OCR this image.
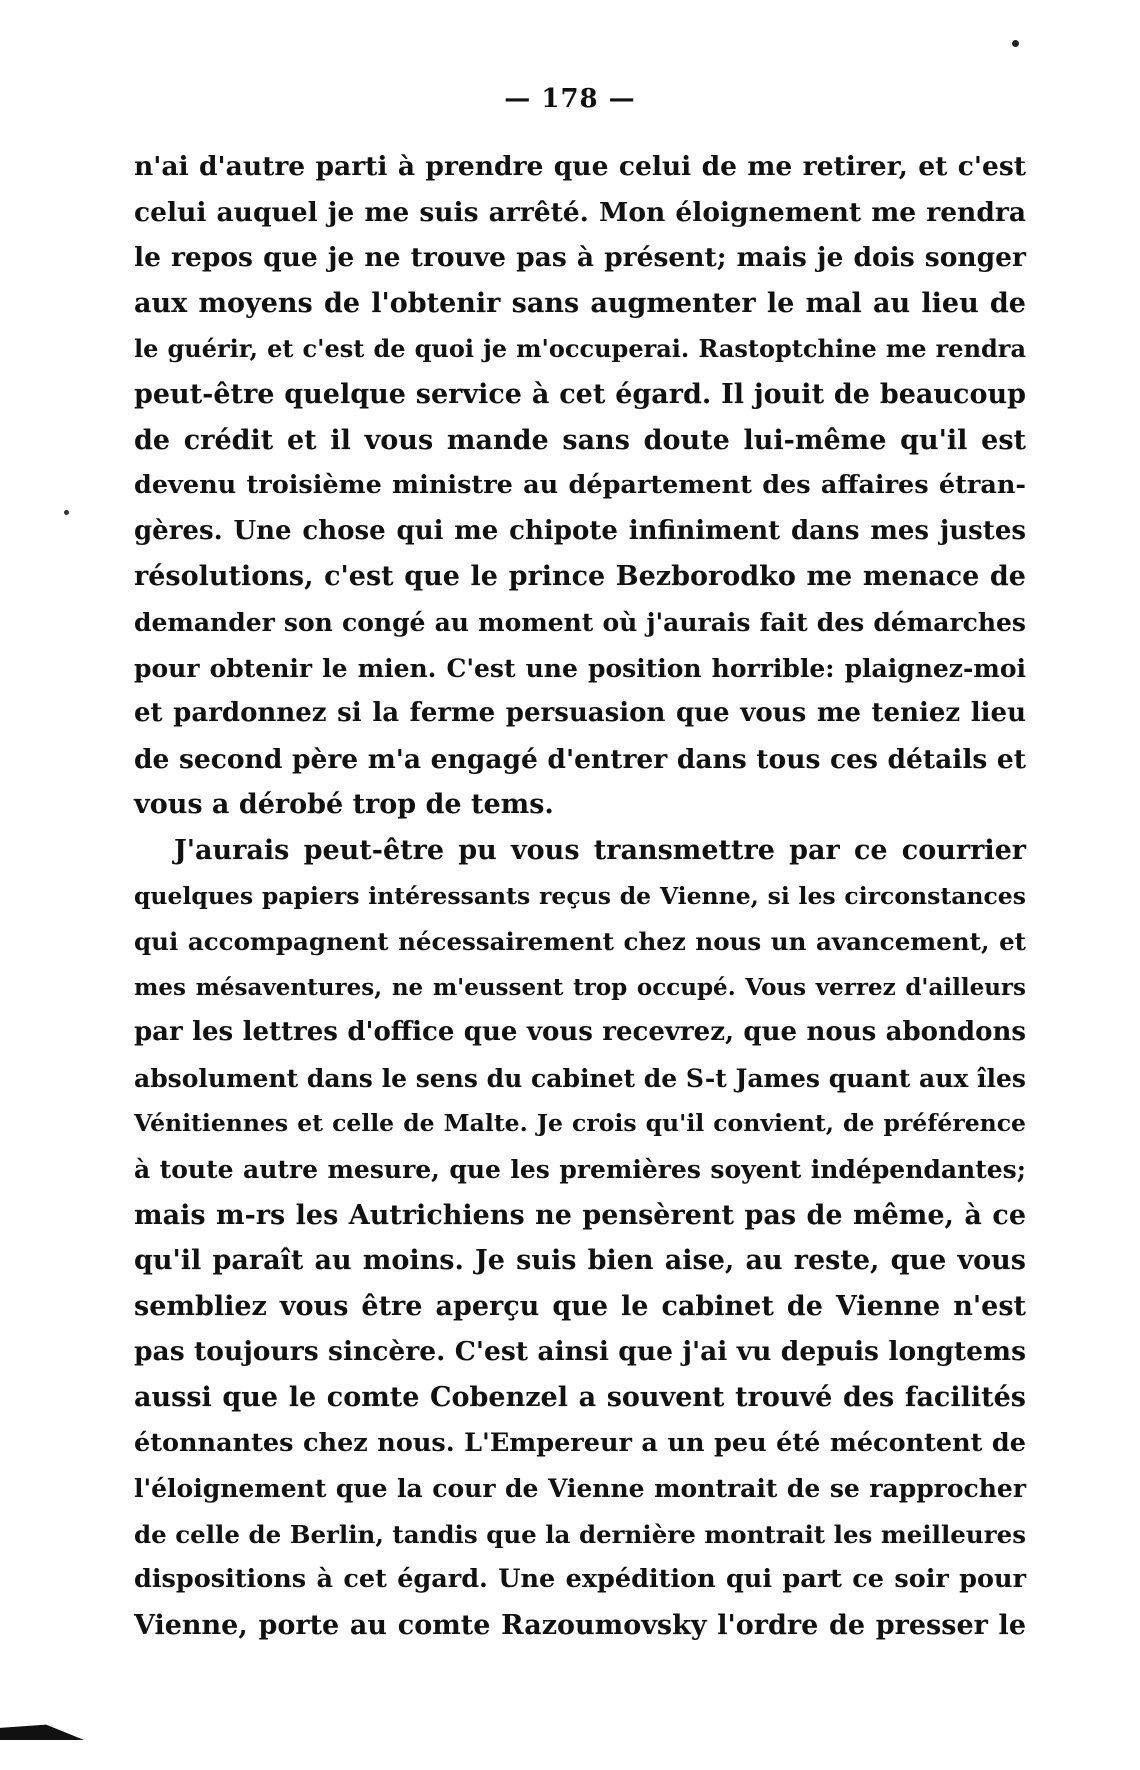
— 178 —
n'ai d'autre parti à prendre que celui de me retirer, et c'est
celui auquel je me suis arrêté. Mon éloignement me rendra
le repos que je ne trouve pas à présent; mais je dois songer
aux moyens de l'obtenir sans augmenter le mal au lieu de
le guérir, et c'est de quoi je m'occuperai. Rastoptchine me rendra
peut-être quelque service à cet égard. Il jouit de beaucoup
de crédit et il vous mande sans doute lui-même qu'il est
devenu troisième ministre au département des affaires étran-
gères. Une chose qui me chipote infiniment dans mes justes
résolutions, c'est que le prince Bezborodko me menace de
demander son congé au moment où j'aurais fait des démarches
pour obtenir le mien. C'est une position horrible: plaignez-moi
et pardonnez si la ferme persuasion que vous me teniez lieu
de second père m'a engagé d'entrer dans tous ces détails et
vous a dérobé trop de tems.
J'aurais peut-être pu vous transmettre par ce courrier
quelques papiers intéressants reçus de Vienne, si les circonstances
qui accompagnent nécessairement chez nous un avancement, et
mes mésaventures, ne m'eussent trop occupé. Vous verrez d'ailleurs
par les lettres d'office que vous recevrez, que nous abondons
absolument dans le sens du cabinet de S-t James quant aux îles
Vénitiennes et celle de Malte. Je crois qu'il convient, de préférence
à toute autre mesure, que les premières soyent indépendantes;
mais m-rs les Autrichiens ne pensèrent pas de même, à ce
qu'il paraît au moins. Je suis bien aise, au reste, que vous
sembliez vous être aperçu que le cabinet de Vienne n'est
pas toujours sincère. C'est ainsi que j'ai vu depuis longtems
aussi que le comte Cobenzel a souvent trouvé des facilités
étonnantes chez nous. L'Empereur a un peu été mécontent de
l'éloignement que la cour de Vienne montrait de se rapprocher
de celle de Berlin, tandis que la dernière montrait les meilleures
dispositions à cet égard. Une expédition qui part ce soir pour
Vienne, porte au comte Razoumovsky l'ordre de presser le
